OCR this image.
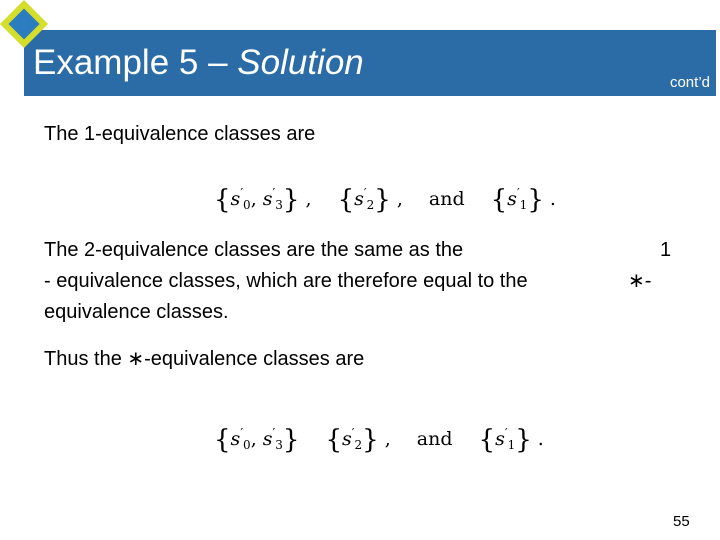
Example 5 – Solution
cont’d
The 1-equivalence classes are
{$s'_0$, $s'_3$} , $\{s'_2\}$ , and $\{s'_1\}$ .
The 2-equivalence classes are the same as the	1
- equivalence classes, which are therefore equal to the	∗-
equivalence classes.
Thus the ∗-equivalence classes are
{$s'_0$, $s'_3$} $\{s'_2\}$ , and $\{s'_1\}$ .
55
